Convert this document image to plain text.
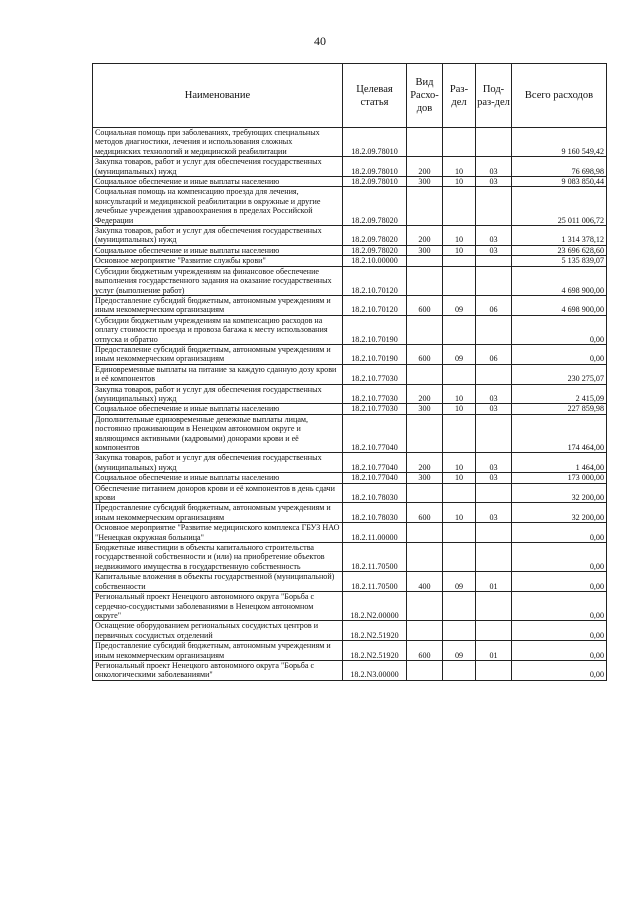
40
Наименование	Целевая статья	Вид Расхо-дов	Раз-дел	Под-раз-дел	Всего расходов
Социальная помощь при заболеваниях, требующих специальных методов диагностики, лечения и использования сложных медицинских технологий и медицинской реабилитации	18.2.09.78010				9 160 549,42
Закупка товаров, работ и услуг для обеспечения государственных (муниципальных) нужд	18.2.09.78010	200	10	03	76 698,98
Социальное обеспечение и иные выплаты населению	18.2.09.78010	300	10	03	9 083 850,44
Социальная помощь на компенсацию проезда для лечения, консультаций и медицинской реабилитации в окружные и другие лечебные учреждения здравоохранения в пределах Российской Федерации	18.2.09.78020				25 011 006,72
Закупка товаров, работ и услуг для обеспечения государственных (муниципальных) нужд	18.2.09.78020	200	10	03	1 314 378,12
Социальное обеспечение и иные выплаты населению	18.2.09.78020	300	10	03	23 696 628,60
Основное мероприятие "Развитие службы крови"	18.2.10.00000				5 135 839,07
Субсидии бюджетным учреждениям на финансовое обеспечение выполнения государственного задания на оказание государственных услуг (выполнение работ)	18.2.10.70120				4 698 900,00
Предоставление субсидий бюджетным, автономным учреждениям и иным некоммерческим организациям	18.2.10.70120	600	09	06	4 698 900,00
Субсидии бюджетным учреждениям на компенсацию расходов на оплату стоимости проезда и провоза багажа к месту использования отпуска и обратно	18.2.10.70190				0,00
Предоставление субсидий бюджетным, автономным учреждениям и иным некоммерческим организациям	18.2.10.70190	600	09	06	0,00
Единовременные выплаты на питание за каждую сданную дозу крови и её компонентов	18.2.10.77030				230 275,07
Закупка товаров, работ и услуг для обеспечения государственных (муниципальных) нужд	18.2.10.77030	200	10	03	2 415,09
Социальное обеспечение и иные выплаты населению	18.2.10.77030	300	10	03	227 859,98
Дополнительные единовременные денежные выплаты лицам, постоянно проживающим в Ненецком автономном округе и являющимся активными (кадровыми) донорами крови и её компонентов	18.2.10.77040				174 464,00
Закупка товаров, работ и услуг для обеспечения государственных (муниципальных) нужд	18.2.10.77040	200	10	03	1 464,00
Социальное обеспечение и иные выплаты населению	18.2.10.77040	300	10	03	173 000,00
Обеспечение питанием доноров крови и её компонентов в день сдачи крови	18.2.10.78030				32 200,00
Предоставление субсидий бюджетным, автономным учреждениям и иным некоммерческим организациям	18.2.10.78030	600	10	03	32 200,00
Основное мероприятие "Развитие медицинского комплекса ГБУЗ НАО "Ненецкая окружная больница"	18.2.11.00000				0,00
Бюджетные инвестиции в объекты капитального строительства государственной собственности и (или) на приобретение объектов недвижимого имущества в государственную собственность	18.2.11.70500				0,00
Капитальные вложения в объекты государственной (муниципальной) собственности	18.2.11.70500	400	09	01	0,00
Региональный проект Ненецкого автономного округа "Борьба с сердечно-сосудистыми заболеваниями в Ненецком автономном округе"	18.2.N2.00000				0,00
Оснащение оборудованием региональных сосудистых центров и первичных сосудистых отделений	18.2.N2.51920				0,00
Предоставление субсидий бюджетным, автономным учреждениям и иным некоммерческим организациям	18.2.N2.51920	600	09	01	0,00
Региональный проект Ненецкого автономного округа "Борьба с онкологическими заболеваниями"	18.2.N3.00000				0,00
